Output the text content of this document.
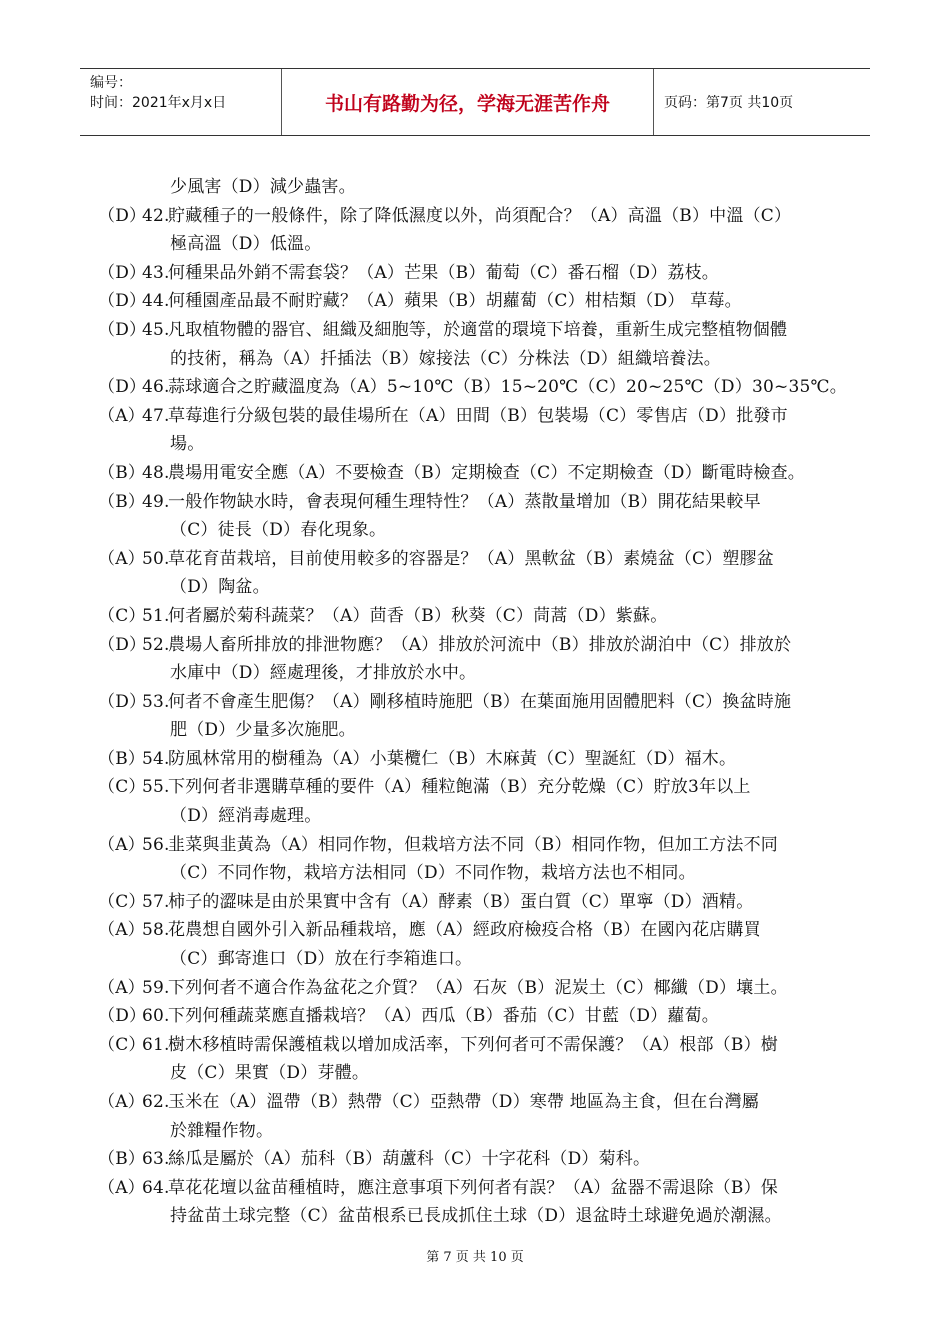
编号：
时间：2021年x月x日	书山有路勤为径，学海无涯苦作舟	页码：第7页 共10页
少風害（D）減少蟲害。
（D）
42.
貯藏種子的一般條件，除了降低濕度以外，尚須配合？（A）高溫（B）中溫（C）
極高溫（D）低溫。
（D）
43.
何種果品外銷不需套袋？（A）芒果（B）葡萄（C）番石榴（D）荔枝。
（D）
44.
何種園產品最不耐貯藏？（A）蘋果（B）胡蘿蔔（C）柑桔類（D） 草莓。
（D）
45.
凡取植物體的器官、組織及細胞等，於適當的環境下培養，重新生成完整植物個體
的技術，稱為（A）扦插法（B）嫁接法（C）分株法（D）組織培養法。
（D）
46.
蒜球適合之貯藏溫度為（A）5~10℃（B）15~20℃（C）20~25℃（D）30~35℃。
（A）
47.
草莓進行分級包裝的最佳場所在（A）田間（B）包裝場（C）零售店（D）批發市
場。
（B）
48.
農場用電安全應（A）不要檢查（B）定期檢查（C）不定期檢查（D）斷電時檢查。
（B）
49.
一般作物缺水時，會表現何種生理特性？（A）蒸散量增加（B）開花結果較早
（C）徒長（D）春化現象。
（A）
50.
草花育苗栽培，目前使用較多的容器是？（A）黑軟盆（B）素燒盆（C）塑膠盆
（D）陶盆。
（C）
51.
何者屬於菊科蔬菜？（A）茴香（B）秋葵（C）茼蒿（D）紫蘇。
（D）
52.
農場人畜所排放的排泄物應？（A）排放於河流中（B）排放於湖泊中（C）排放於
水庫中（D）經處理後，才排放於水中。
（D）
53.
何者不會產生肥傷？（A）剛移植時施肥（B）在葉面施用固體肥料（C）換盆時施
肥（D）少量多次施肥。
（B）
54.
防風林常用的樹種為（A）小葉欖仁（B）木麻黃（C）聖誕紅（D）福木。
（C）
55.
下列何者非選購草種的要件（A）種粒飽滿（B）充分乾燥（C）貯放3年以上
（D）經消毒處理。
（A）
56.
韭菜與韭黃為（A）相同作物，但栽培方法不同（B）相同作物，但加工方法不同
（C）不同作物，栽培方法相同（D）不同作物，栽培方法也不相同。
（C）
57.
柿子的澀味是由於果實中含有（A）酵素（B）蛋白質（C）單寧（D）酒精。
（A）
58.
花農想自國外引入新品種栽培，應（A）經政府檢疫合格（B）在國內花店購買
（C）郵寄進口（D）放在行李箱進口。
（A）
59.
下列何者不適合作為盆花之介質？（A）石灰（B）泥炭土（C）椰纖（D）壤土。
（D）
60.
下列何種蔬菜應直播栽培？（A）西瓜（B）番茄（C）甘藍（D）蘿蔔。
（C）
61.
樹木移植時需保護植栽以增加成活率，下列何者可不需保護？（A）根部（B）樹
皮（C）果實（D）芽體。
（A）
62.
玉米在（A）溫帶（B）熱帶（C）亞熱帶（D）寒帶 地區為主食，但在台灣屬
於雜糧作物。
（B）
63.
絲瓜是屬於（A）茄科（B）葫蘆科（C）十字花科（D）菊科。
（A）
64.
草花花壇以盆苗種植時，應注意事項下列何者有誤？（A）盆器不需退除（B）保
持盆苗土球完整（C）盆苗根系已長成抓住土球（D）退盆時土球避免過於潮濕。
第 7 页 共 10 页
